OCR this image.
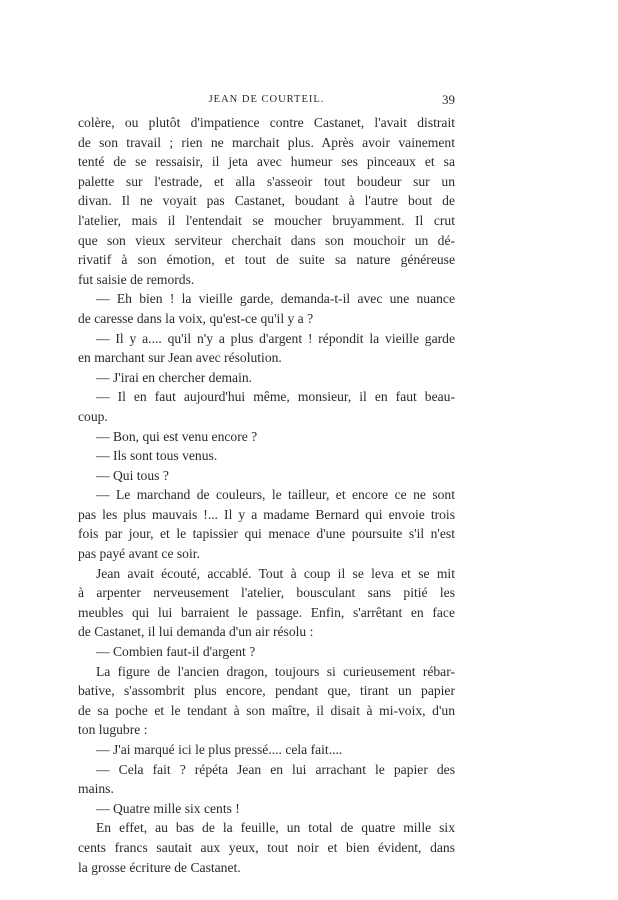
JEAN DE COURTEIL.	39
colère, ou plutôt d'impatience contre Castanet, l'avait distrait
de son travail ; rien ne marchait plus. Après avoir vainement
tenté de se ressaisir, il jeta avec humeur ses pinceaux et sa
palette sur l'estrade, et alla s'asseoir tout boudeur sur un
divan. Il ne voyait pas Castanet, boudant à l'autre bout de
l'atelier, mais il l'entendait se moucher bruyamment. Il crut
que son vieux serviteur cherchait dans son mouchoir un dé-
rivatif à son émotion, et tout de suite sa nature généreuse
fut saisie de remords.
— Eh bien ! la vieille garde, demanda-t-il avec une nuance
de caresse dans la voix, qu'est-ce qu'il y a ?
— Il y a.... qu'il n'y a plus d'argent ! répondit la vieille garde
en marchant sur Jean avec résolution.
— J'irai en chercher demain.
— Il en faut aujourd'hui même, monsieur, il en faut beau-
coup.
— Bon, qui est venu encore ?
— Ils sont tous venus.
— Qui tous ?
— Le marchand de couleurs, le tailleur, et encore ce ne sont
pas les plus mauvais !... Il y a madame Bernard qui envoie trois
fois par jour, et le tapissier qui menace d'une poursuite s'il n'est
pas payé avant ce soir.
Jean avait écouté, accablé. Tout à coup il se leva et se mit
à arpenter nerveusement l'atelier, bousculant sans pitié les
meubles qui lui barraient le passage. Enfin, s'arrêtant en face
de Castanet, il lui demanda d'un air résolu :
— Combien faut-il d'argent ?
La figure de l'ancien dragon, toujours si curieusement rébar-
bative, s'assombrit plus encore, pendant que, tirant un papier
de sa poche et le tendant à son maître, il disait à mi-voix, d'un
ton lugubre :
— J'ai marqué ici le plus pressé.... cela fait....
— Cela fait ? répéta Jean en lui arrachant le papier des
mains.
— Quatre mille six cents !
En effet, au bas de la feuille, un total de quatre mille six
cents francs sautait aux yeux, tout noir et bien évident, dans
la grosse écriture de Castanet.
